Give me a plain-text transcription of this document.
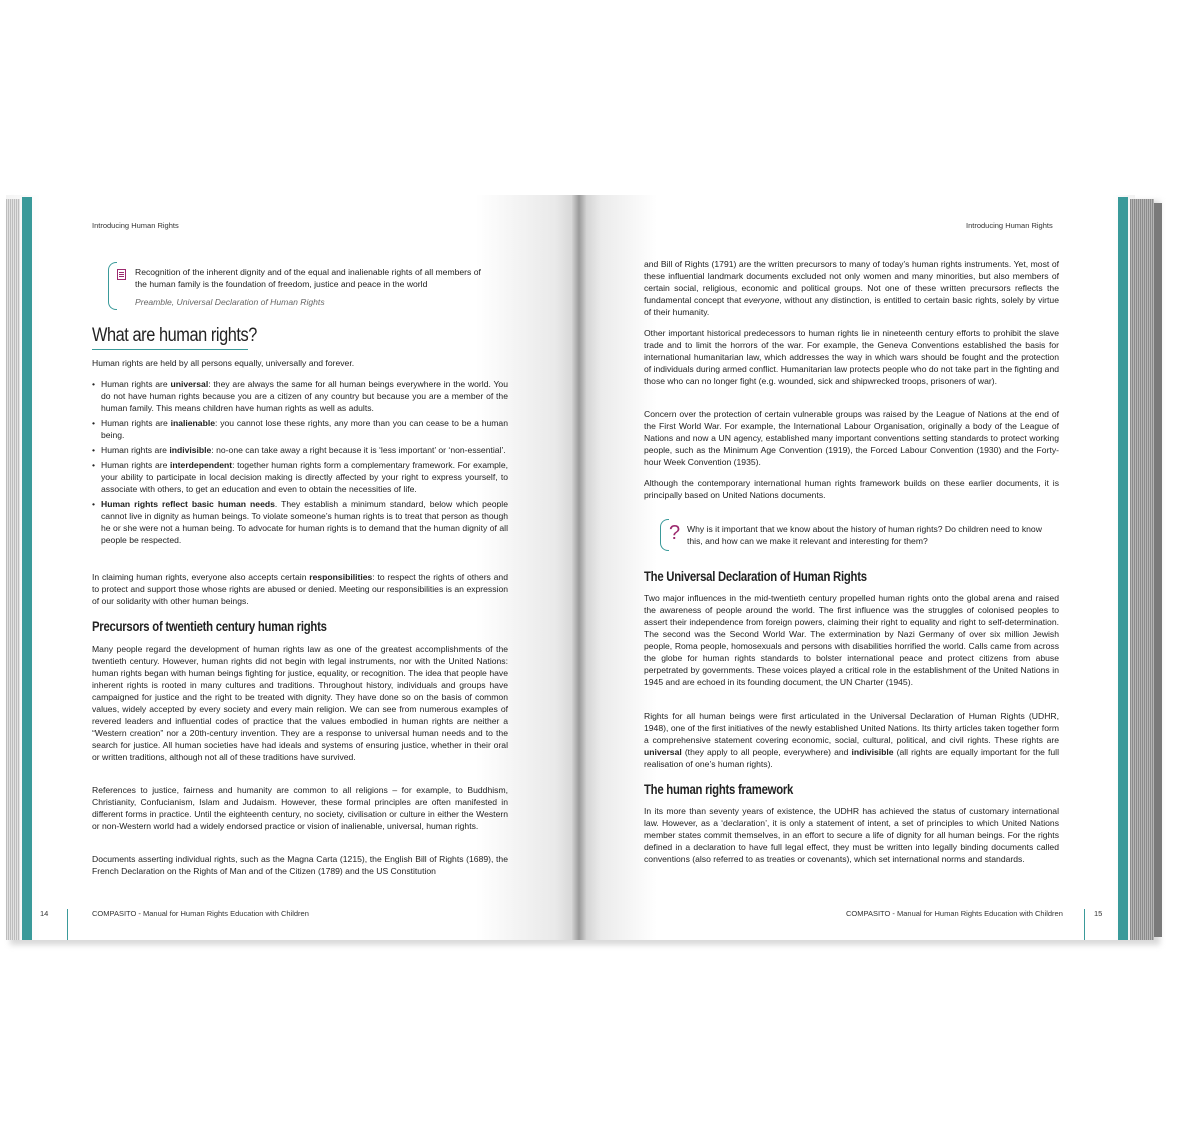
Introducing Human Rights	Introducing Human Rights
Recognition of the inherent dignity and of the equal and inalienable rights of all members of the human family is the foundation of freedom, justice and peace in the world
Preamble, Universal Declaration of Human Rights
What are human rights?

Human rights are held by all persons equally, universally and forever.

• Human rights are universal: they are always the same for all human beings everywhere in the world. You do not have human rights because you are a citizen of any country but because you are a member of the human family. This means children have human rights as well as adults.
• Human rights are inalienable: you cannot lose these rights, any more than you can cease to be a human being.
• Human rights are indivisible: no-one can take away a right because it is ‘less important’ or ‘non-essential’.
• Human rights are interdependent: together human rights form a complementary framework. For example, your ability to participate in local decision making is directly affected by your right to express yourself, to associate with others, to get an education and even to obtain the necessities of life.
• Human rights reflect basic human needs. They establish a minimum standard, below which people cannot live in dignity as human beings. To violate someone’s human rights is to treat that person as though he or she were not a human being. To advocate for human rights is to demand that the human dignity of all people be respected.

In claiming human rights, everyone also accepts certain responsibilities: to respect the rights of others and to protect and support those whose rights are abused or denied. Meeting our responsibilities is an expression of our solidarity with other human beings.

Precursors of twentieth century human rights

Many people regard the development of human rights law as one of the greatest accomplishments of the twentieth century. However, human rights did not begin with legal instruments, nor with the United Nations: human rights began with human beings fighting for justice, equality, or recognition. The idea that people have inherent rights is rooted in many cultures and traditions. Throughout history, individuals and groups have campaigned for justice and the right to be treated with dignity. They have done so on the basis of common values, widely accepted by every society and every main religion. We can see from numerous examples of revered leaders and influential codes of practice that the values embodied in human rights are neither a “Western creation” nor a 20th-century invention. They are a response to universal human needs and to the search for justice. All human societies have had ideals and systems of ensuring justice, whether in their oral or written traditions, although not all of these traditions have survived.

References to justice, fairness and humanity are common to all religions – for example, to Buddhism, Christianity, Confucianism, Islam and Judaism. However, these formal principles are often manifested in different forms in practice. Until the eighteenth century, no society, civilisation or culture in either the Western or non-Western world had a widely endorsed practice or vision of inalienable, universal, human rights.

Documents asserting individual rights, such as the Magna Carta (1215), the English Bill of Rights (1689), the French Declaration on the Rights of Man and of the Citizen (1789) and the US Constitution

14	COMPASITO - Manual for Human Rights Education with Children

and Bill of Rights (1791) are the written precursors to many of today’s human rights instruments. Yet, most of these influential landmark documents excluded not only women and many minorities, but also members of certain social, religious, economic and political groups. Not one of these written precursors reflects the fundamental concept that everyone, without any distinction, is entitled to certain basic rights, solely by virtue of their humanity.

Other important historical predecessors to human rights lie in nineteenth century efforts to prohibit the slave trade and to limit the horrors of the war. For example, the Geneva Conventions established the basis for international humanitarian law, which addresses the way in which wars should be fought and the protection of individuals during armed conflict. Humanitarian law protects people who do not take part in the fighting and those who can no longer fight (e.g. wounded, sick and shipwrecked troops, prisoners of war).

Concern over the protection of certain vulnerable groups was raised by the League of Nations at the end of the First World War. For example, the International Labour Organisation, originally a body of the League of Nations and now a UN agency, established many important conventions setting standards to protect working people, such as the Minimum Age Convention (1919), the Forced Labour Convention (1930) and the Forty-hour Week Convention (1935).

Although the contemporary international human rights framework builds on these earlier documents, it is principally based on United Nations documents.

? Why is it important that we know about the history of human rights? Do children need to know this, and how can we make it relevant and interesting for them?
The Universal Declaration of Human Rights

Two major influences in the mid-twentieth century propelled human rights onto the global arena and raised the awareness of people around the world. The first influence was the struggles of colonised peoples to assert their independence from foreign powers, claiming their right to equality and right to self-determination. The second was the Second World War. The extermination by Nazi Germany of over six million Jewish people, Roma people, homosexuals and persons with disabilities horrified the world. Calls came from across the globe for human rights standards to bolster international peace and protect citizens from abuse perpetrated by governments. These voices played a critical role in the establishment of the United Nations in 1945 and are echoed in its founding document, the UN Charter (1945).

Rights for all human beings were first articulated in the Universal Declaration of Human Rights (UDHR, 1948), one of the first initiatives of the newly established United Nations. Its thirty articles taken together form a comprehensive statement covering economic, social, cultural, political, and civil rights. These rights are universal (they apply to all people, everywhere) and indivisible (all rights are equally important for the full realisation of one’s human rights).

The human rights framework

In its more than seventy years of existence, the UDHR has achieved the status of customary international law. However, as a ‘declaration’, it is only a statement of intent, a set of principles to which United Nations member states commit themselves, in an effort to secure a life of dignity for all human beings. For the rights defined in a declaration to have full legal effect, they must be written into legally binding documents called conventions (also referred to as treaties or covenants), which set international norms and standards.

COMPASITO - Manual for Human Rights Education with Children	15
